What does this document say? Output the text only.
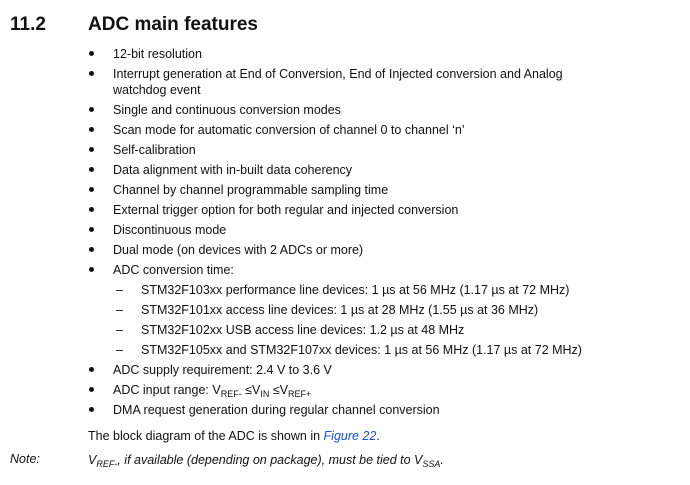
11.2 ADC main features
12-bit resolution
Interrupt generation at End of Conversion, End of Injected conversion and Analog watchdog event
Single and continuous conversion modes
Scan mode for automatic conversion of channel 0 to channel ‘n’
Self-calibration
Data alignment with in-built data coherency
Channel by channel programmable sampling time
External trigger option for both regular and injected conversion
Discontinuous mode
Dual mode (on devices with 2 ADCs or more)
ADC conversion time:
– STM32F103xx performance line devices: 1 µs at 56 MHz (1.17 µs at 72 MHz)
– STM32F101xx access line devices: 1 µs at 28 MHz (1.55 µs at 36 MHz)
– STM32F102xx USB access line devices: 1.2 µs at 48 MHz
– STM32F105xx and STM32F107xx devices: 1 µs at 56 MHz (1.17 µs at 72 MHz)
ADC supply requirement: 2.4 V to 3.6 V
ADC input range: $V_{REF-} \le V_{IN} \le V_{REF+}$
DMA request generation during regular channel conversion
The block diagram of the ADC is shown in Figure 22.
Note:	$V_{REF-}$, if available (depending on package), must be tied to $V_{SSA}$.
